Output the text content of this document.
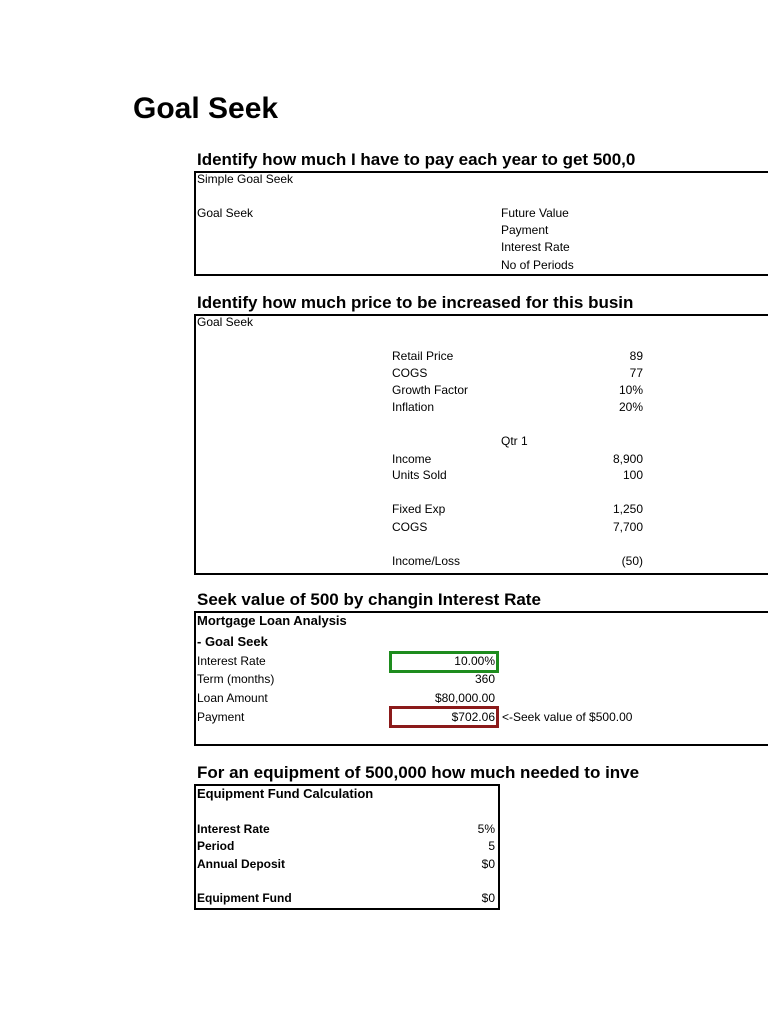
Goal Seek
Identify how much I have to pay each year to get 500,0
Simple Goal Seek
Goal Seek	Future Value
Payment
Interest Rate
No of Periods
Identify how much price to be increased for this busin
Goal Seek
Retail Price	89
COGS	77
Growth Factor	10%
Inflation	20%
Qtr 1
Income	8,900
Units Sold	100
Fixed Exp	1,250
COGS	7,700
Income/Loss	(50)
Seek value of 500 by changin Interest Rate
Mortgage Loan Analysis
- Goal Seek
Interest Rate	10.00%
Term (months)	360
Loan Amount	$80,000.00
Payment	$702.06 <-Seek value of $500.00
For an equipment of 500,000 how much needed to inve
Equipment Fund Calculation
Interest Rate	5%
Period	5
Annual Deposit	$0
Equipment Fund	$0
